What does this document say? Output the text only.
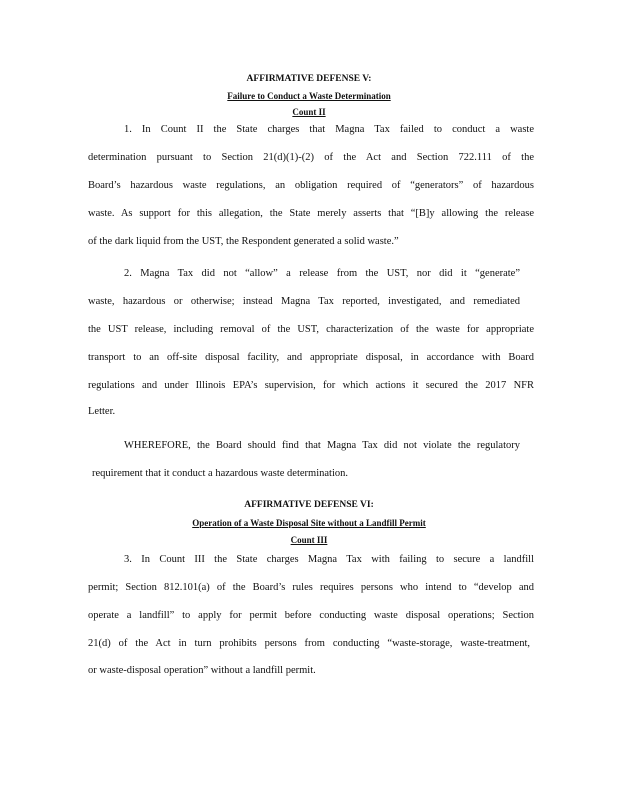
AFFIRMATIVE DEFENSE V:
Failure to Conduct a Waste Determination
Count II
1. In Count II the State charges that Magna Tax failed to conduct a waste
determination pursuant to Section 21(d)(1)-(2) of the Act and Section 722.111 of the
Board’s hazardous waste regulations, an obligation required of “generators” of hazardous
waste. As support for this allegation, the State merely asserts that “[B]y allowing the release
of the dark liquid from the UST, the Respondent generated a solid waste.”
2. Magna Tax did not “allow” a release from the UST, nor did it “generate”
waste, hazardous or otherwise; instead Magna Tax reported, investigated, and remediated
the UST release, including removal of the UST, characterization of the waste for appropriate
transport to an off-site disposal facility, and appropriate disposal, in accordance with Board
regulations and under Illinois EPA’s supervision, for which actions it secured the 2017 NFR
Letter.
WHEREFORE, the Board should find that Magna Tax did not violate the regulatory
requirement that it conduct a hazardous waste determination.
AFFIRMATIVE DEFENSE VI:
Operation of a Waste Disposal Site without a Landfill Permit
Count III
3. In Count III the State charges Magna Tax with failing to secure a landfill
permit; Section 812.101(a) of the Board’s rules requires persons who intend to “develop and
operate a landfill” to apply for permit before conducting waste disposal operations; Section
21(d) of the Act in turn prohibits persons from conducting “waste-storage, waste-treatment,
or waste-disposal operation” without a landfill permit.
